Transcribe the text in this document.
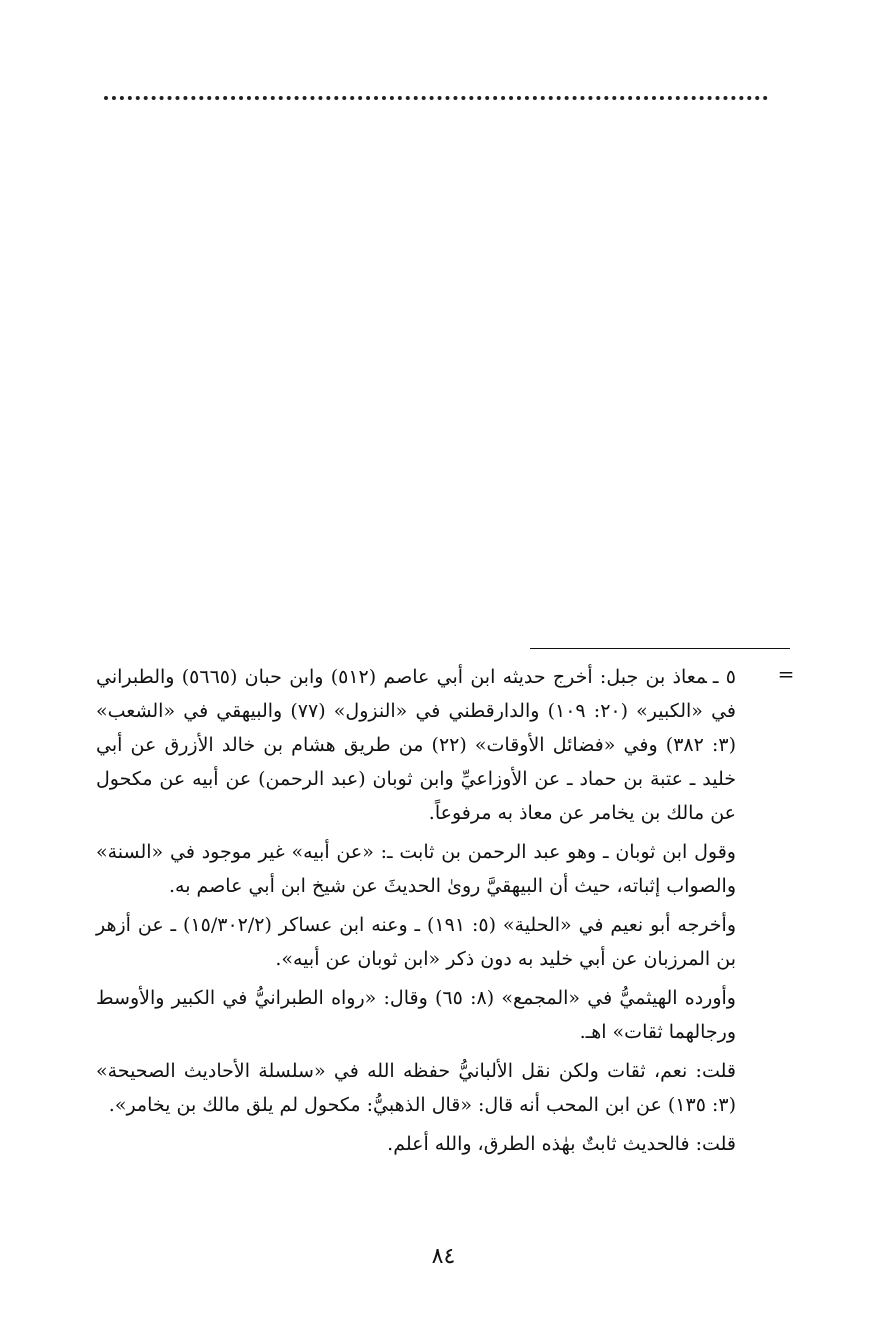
=

٥ ـمعاذ بن جبل: أخرج حديثه ابن أبي عاصم (٥١٢) وابن حبان (٥٦٦٥) والطبراني في «الكبير» (٢٠: ١٠٩) والدارقطني في «النزول» (٧٧) والبيهقي في «الشعب» (٣: ٣٨٢) وفي «فضائل الأوقات» (٢٢) من طريق هشام بن خالد الأزرق عن أبي خليد ـ عتبة بن حماد ـ عن الأوزاعيِّ وابن ثوبان (عبد الرحمن) عن أبيه عن مكحول عن مالك بن يخامر عن معاذ به مرفوعاً.

وقول ابن ثوبان ـ وهو عبد الرحمن بن ثابت ـ: «عن أبيه» غير موجود في «السنة» والصواب إثباته، حيث أن البيهقيَّ روىٰ الحديثَ عن شيخ ابن أبي عاصم به.

وأخرجه أبو نعيم في «الحلية» (٥: ١٩١) ـ وعنه ابن عساكر (١٥/٣٠٢/٢) ـ عن أزهر بن المرزبان عن أبي خليد به دون ذكر «ابن ثوبان عن أبيه».

وأورده الهيثميُّ في «المجمع» (٨: ٦٥) وقال: «رواه الطبرانيُّ في الكبير والأوسط ورجالهما ثقات» اهـ.

قلت: نعم، ثقات ولكن نقل الألبانيُّ حفظه الله في «سلسلة الأحاديث الصحيحة» (٣: ١٣٥) عن ابن المحب أنه قال: «قال الذهبيُّ: مكحول لم يلق مالك بن يخامر».

قلت: فالحديث ثابتٌ بهٰذه الطرق، والله أعلم.

٨٤
